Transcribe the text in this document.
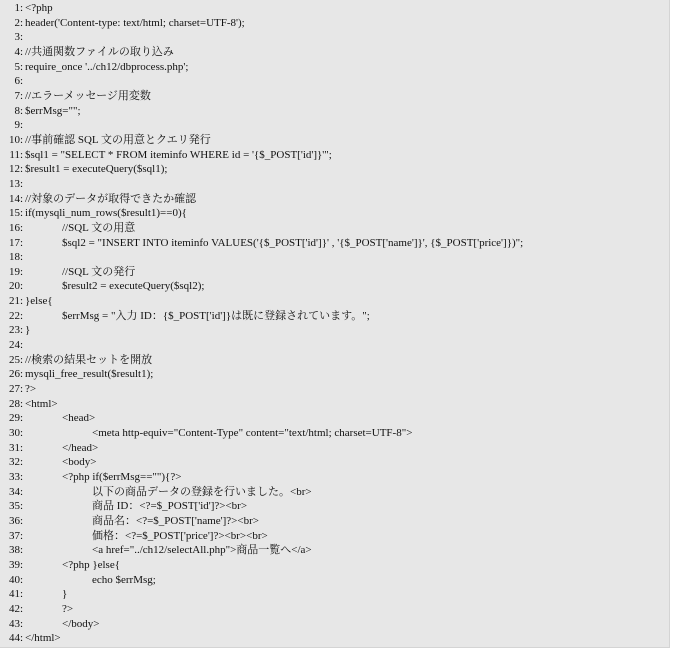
1: <?php
2: header('Content-type: text/html; charset=UTF-8');
3:
4: //共通関数ファイルの取り込み
5: require_once '../ch12/dbprocess.php';
6:
7: //エラーメッセージ用変数
8: $errMsg="";
9:
10: //事前確認 SQL 文の用意とクエリ発行
11: $sql1 = "SELECT * FROM iteminfo WHERE id = '{$_POST['id']}'";
12: $result1 = executeQuery($sql1);
13:
14: //対象のデータが取得できたか確認
15: if(mysqli_num_rows($result1)==0){
16:	//SQL 文の用意
17:	$sql2 = "INSERT INTO iteminfo VALUES('{$_POST['id']}' , '{$_POST['name']}', {$_POST['price']})";
18:
19:	//SQL 文の発行
20:	$result2 = executeQuery($sql2);
21: }else{
22:	$errMsg = "入力 ID：{$_POST['id']}は既に登録されています。";
23: }
24:
25: //検索の結果セットを開放
26: mysqli_free_result($result1);
27: ?>
28: <html>
29:	<head>
30:	<meta http-equiv="Content-Type" content="text/html; charset=UTF-8">
31:	</head>
32:	<body>
33:	<?php if($errMsg==""){?>
34:	以下の商品データの登録を行いました。<br>
35:	商品 ID：<?=$_POST['id']?><br>
36:	商品名：<?=$_POST['name']?><br>
37:	価格：<?=$_POST['price']?><br><br>
38:	<a href="../ch12/selectAll.php">商品一覧へ</a>
39:	<?php }else{
40:	echo $errMsg;
41:	}
42:	?>
43:	</body>
44: </html>
